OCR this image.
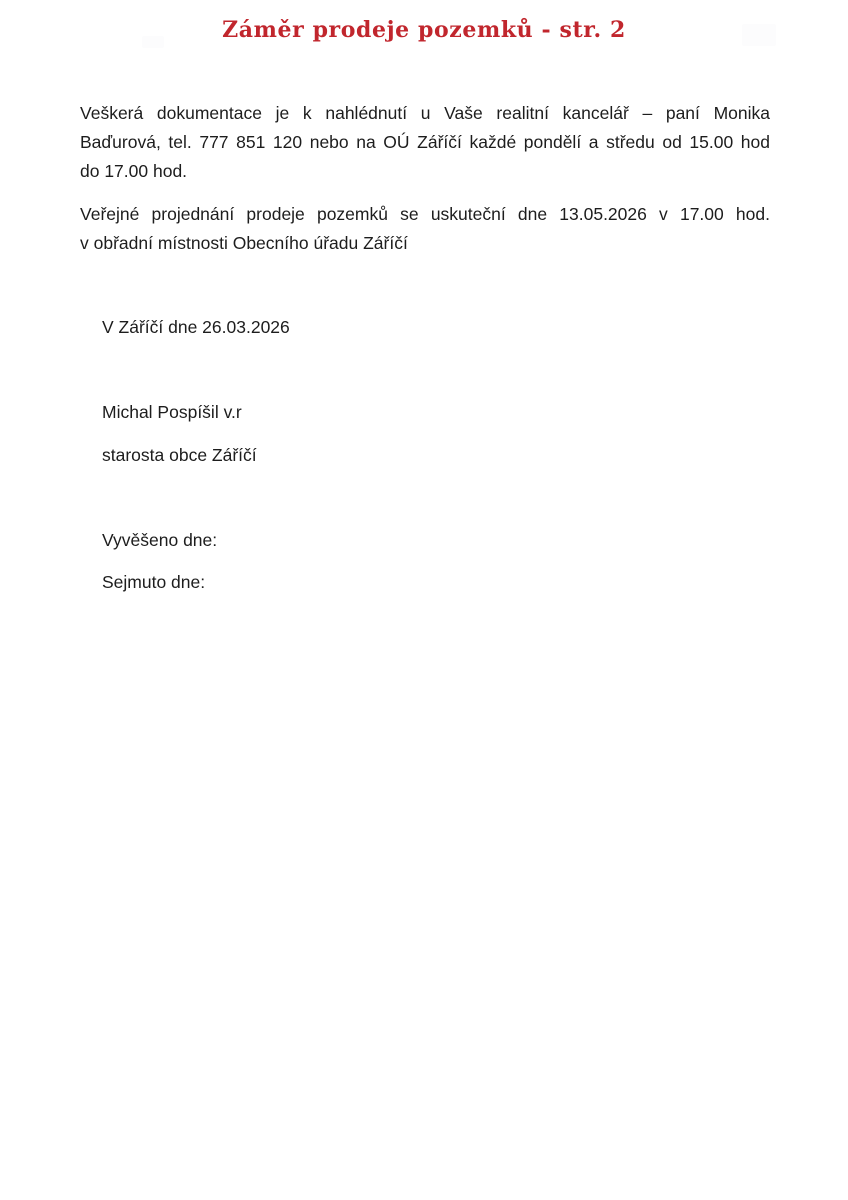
Záměr prodeje pozemků - str. 2
Veškerá dokumentace je k nahlédnutí u Vaše realitní kancelář – paní Monika
Baďurová, tel. 777 851 120 nebo na OÚ Záříčí každé pondělí a středu od 15.00 hod
do 17.00 hod.
Veřejné projednání prodeje pozemků se uskuteční dne 13.05.2026 v 17.00 hod.
v obřadní místnosti Obecního úřadu Záříčí
V Záříčí dne 26.03.2026
Michal Pospíšil v.r
starosta obce Záříčí
Vyvěšeno dne:
Sejmuto dne:
